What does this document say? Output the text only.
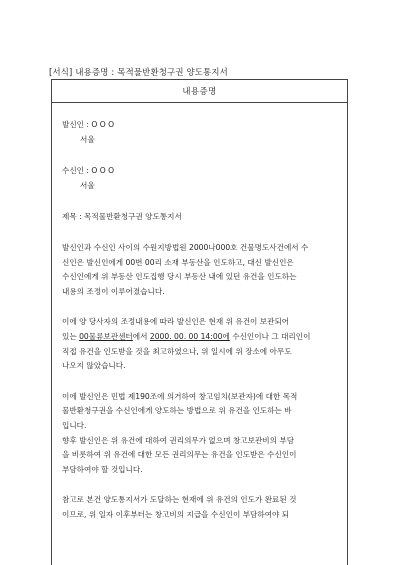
[서식] 내용증명 : 목적물반환청구권 양도통지서
내용증명
발신인 : O O O
서울
수신인 : O O O
서울
제목 : 목적물반환청구권 양도통지서
발신인과 수신인 사이의 수원지방법원 2000나000호 건물명도사건에서 수
신인은 발신인에게 00번 00리 소재 부동산을 인도하고, 대신 발신인은
수신인에게 위 부동산 인도집행 당시 부동산 내에 있던 유건을 인도하는
내용의 조정이 이루어졌습니다.
이에 양 당사자의 조정내용에 따라 발신인은 현재 위 유건이 보관되어
있는 00물류보관센터에서 2000. 00. 00 14:00에 수신인이나 그 대리인이
직접 유건을 인도받을 것을 최고하였으나, 위 일시에 위 장소에 아무도
나오지 않았습니다.
이에 발신인은 민법 제190조에 의거하여 창고임치(보관자)에 대한 목적
물반환청구권을 수신인에게 양도하는 방법으로 위 유건을 인도하는 바
입니다.
향후 발신인은 위 유건에 대하여 권리의무가 없으며 창고보관비의 부담
을 비롯하여 위 유건에 대한 모든 권리의무는 유건을 인도받은 수신인이
부담하여야 할 것입니다.
참고로 본건 양도통지서가 도달하는 현재에 위 유건의 인도가 완료된 것
이므로, 위 일자 이후부터는 창고비의 지급을 수신인이 부담하여야 되
